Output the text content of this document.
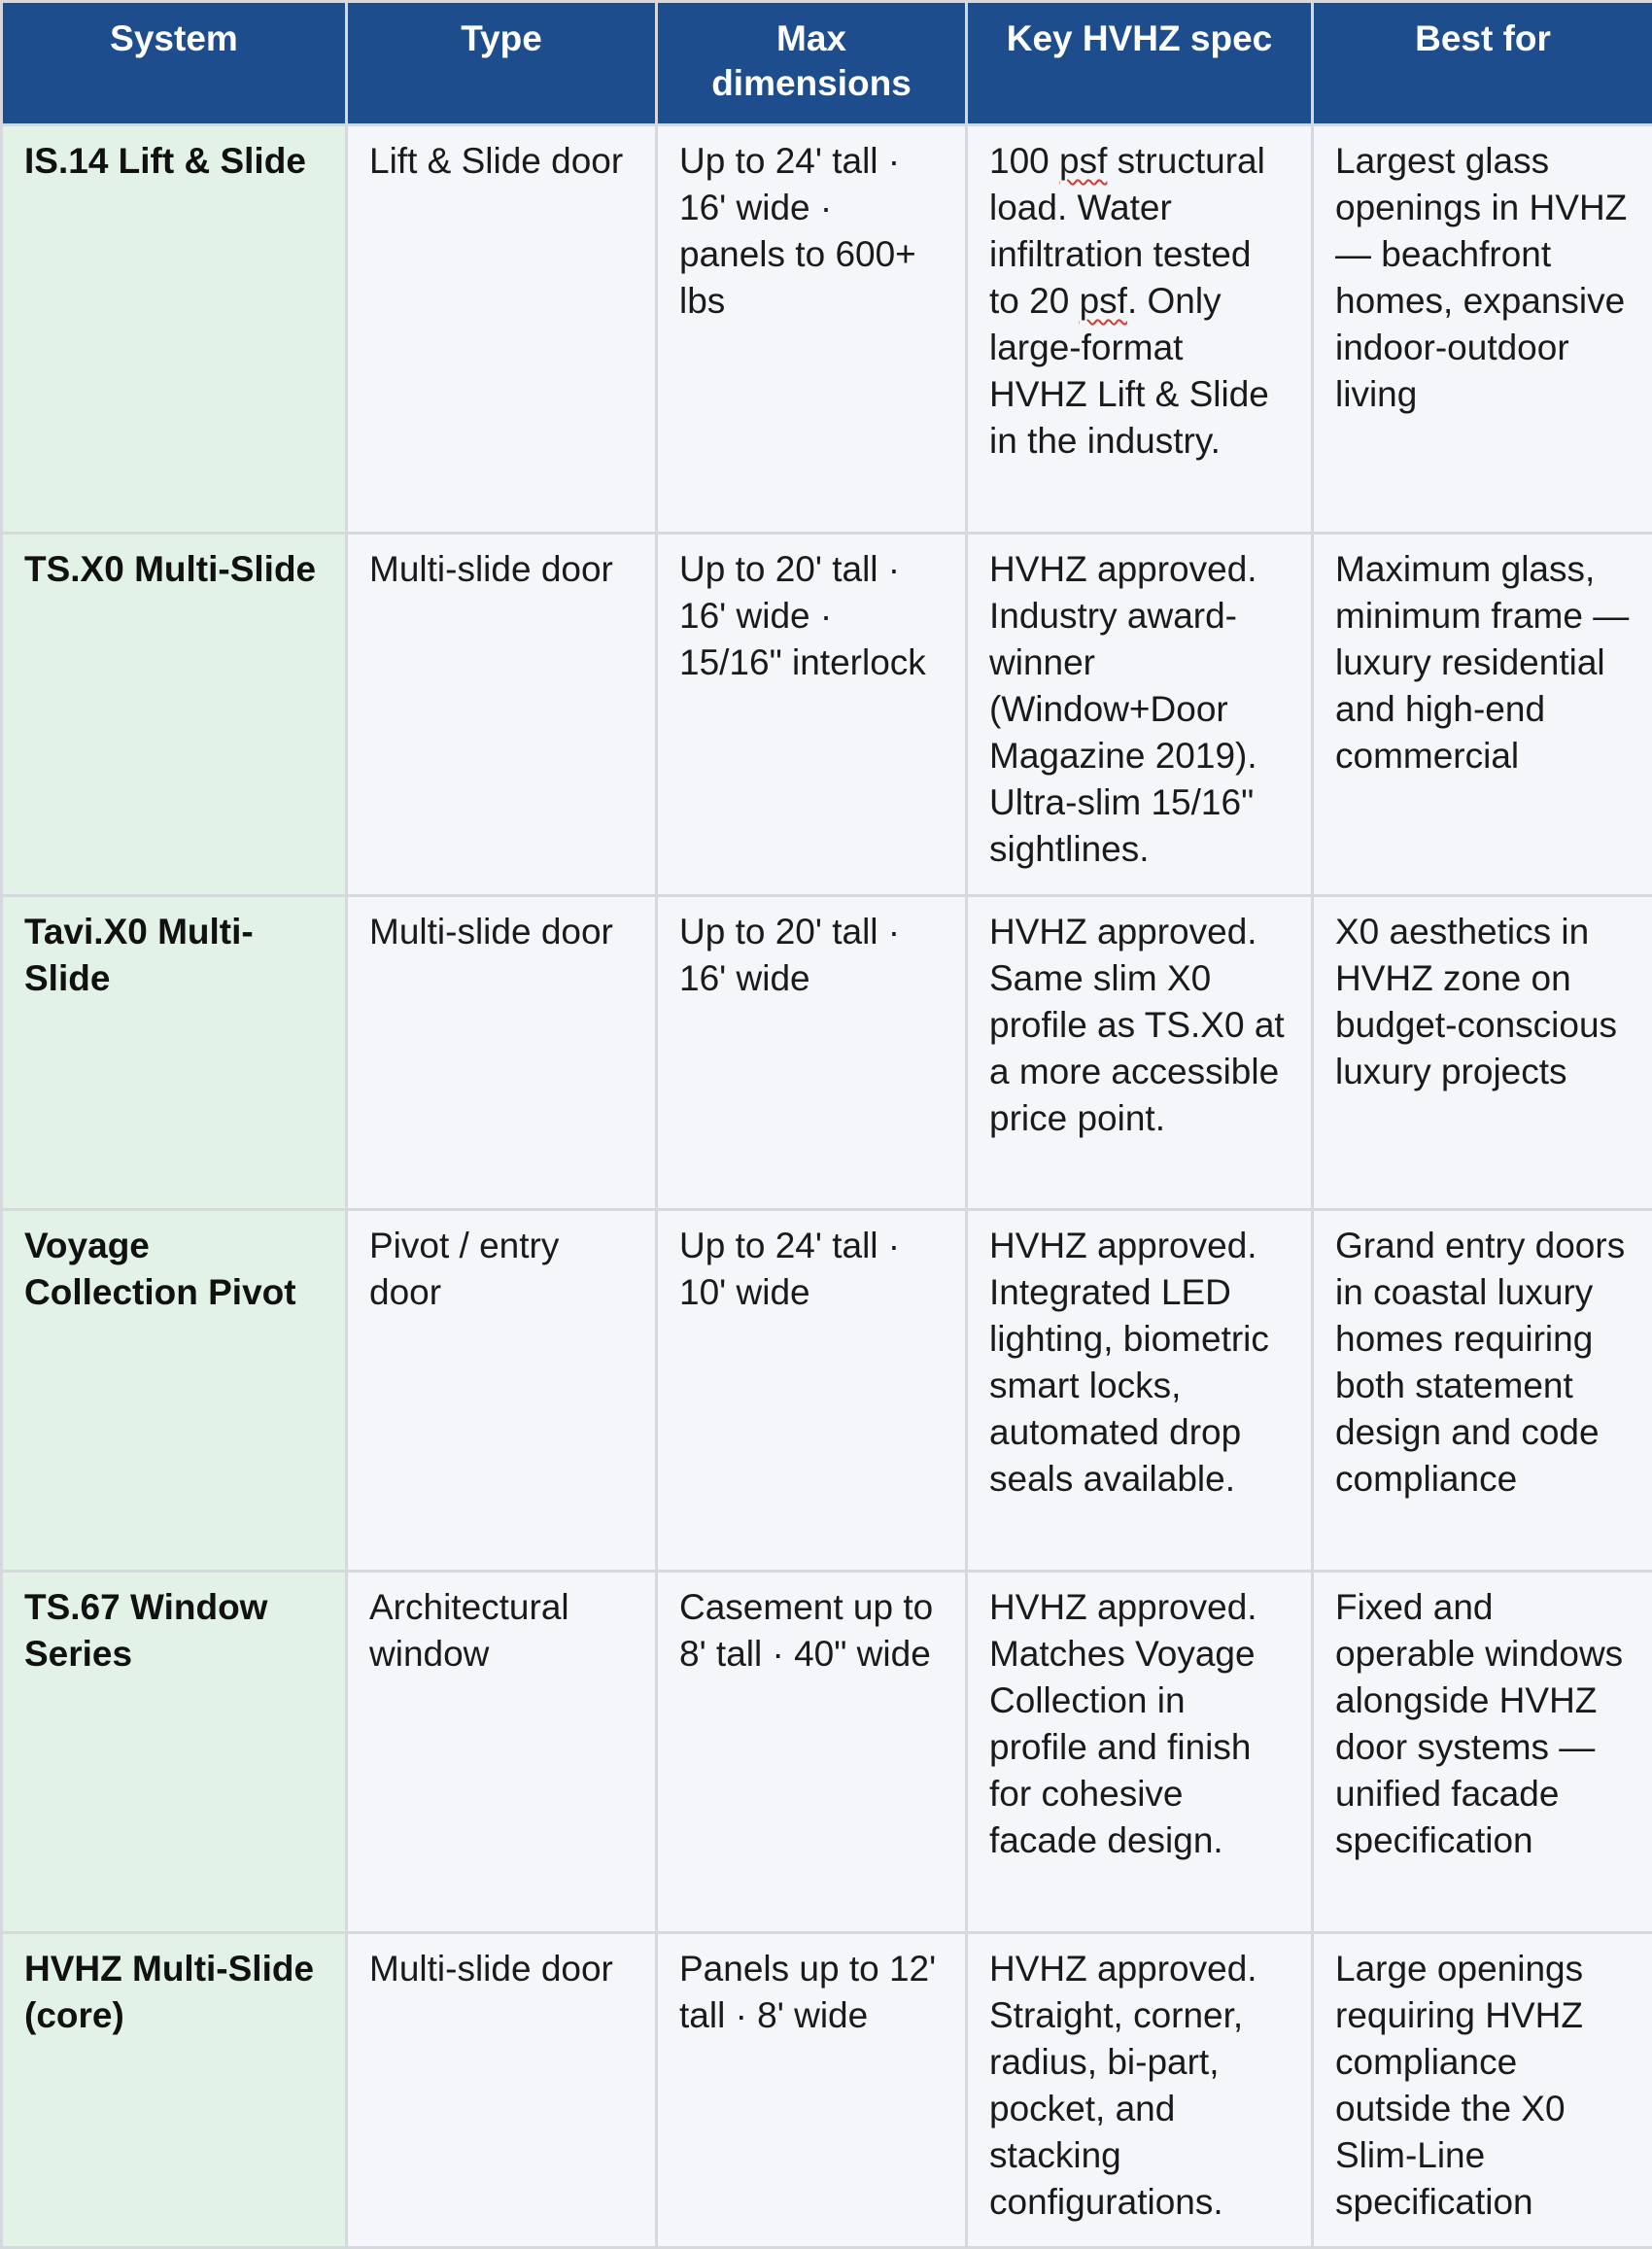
System	Type	Max dimensions	Key HVHZ spec	Best for
IS.14 Lift & Slide	Lift & Slide door	Up to 24' tall · 16' wide · panels to 600+ lbs	100 psf structural load. Water infiltration tested to 20 psf. Only large-format HVHZ Lift & Slide in the industry.	Largest glass openings in HVHZ — beachfront homes, expansive indoor-outdoor living
TS.X0 Multi-Slide	Multi-slide door	Up to 20' tall · 16' wide · 15/16" interlock	HVHZ approved. Industry award-winner (Window+Door Magazine 2019). Ultra-slim 15/16" sightlines.	Maximum glass, minimum frame — luxury residential and high-end commercial
Tavi.X0 Multi-Slide	Multi-slide door	Up to 20' tall · 16' wide	HVHZ approved. Same slim X0 profile as TS.X0 at a more accessible price point.	X0 aesthetics in HVHZ zone on budget-conscious luxury projects
Voyage Collection Pivot	Pivot / entry door	Up to 24' tall · 10' wide	HVHZ approved. Integrated LED lighting, biometric smart locks, automated drop seals available.	Grand entry doors in coastal luxury homes requiring both statement design and code compliance
TS.67 Window Series	Architectural window	Casement up to 8' tall · 40" wide	HVHZ approved. Matches Voyage Collection in profile and finish for cohesive facade design.	Fixed and operable windows alongside HVHZ door systems — unified facade specification
HVHZ Multi-Slide (core)	Multi-slide door	Panels up to 12' tall · 8' wide	HVHZ approved. Straight, corner, radius, bi-part, pocket, and stacking configurations.	Large openings requiring HVHZ compliance outside the X0 Slim-Line specification
